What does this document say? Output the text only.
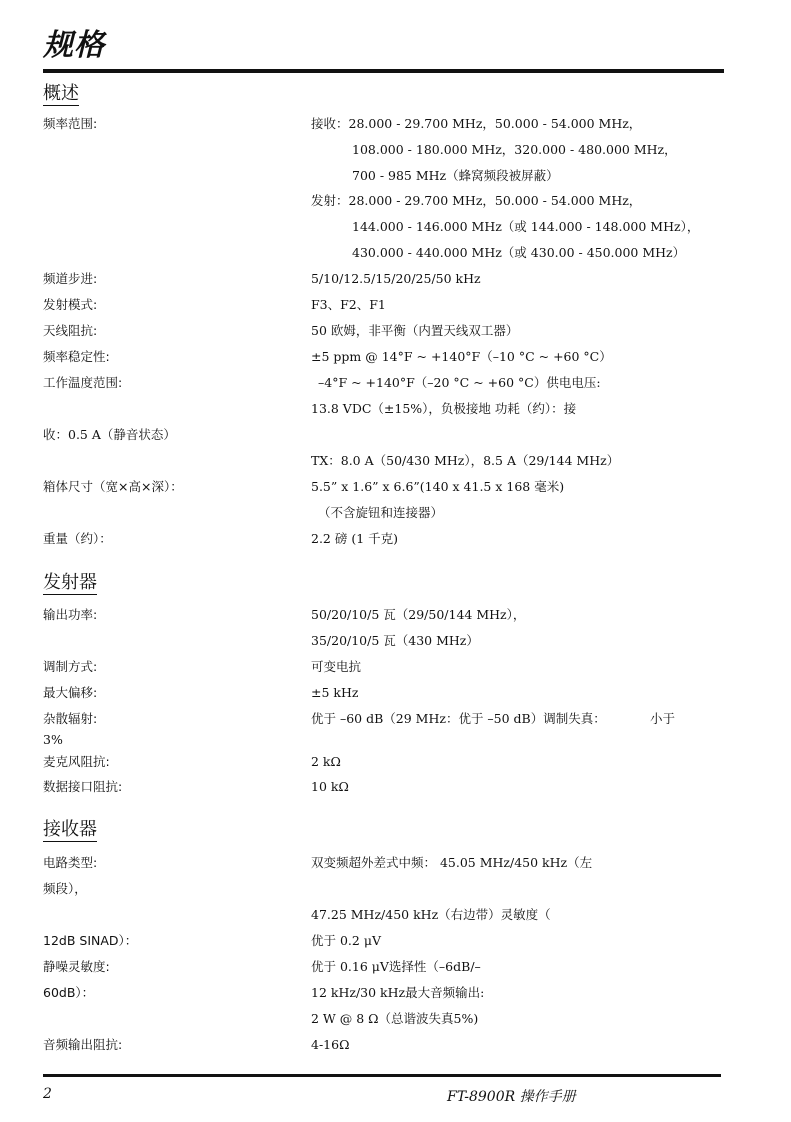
规格
概述
频率范围:	接收：28.000 - 29.700 MHz，50.000 - 54.000 MHz，
108.000 - 180.000 MHz，320.000 - 480.000 MHz，
700 - 985 MHz（蜂窝频段被屏蔽）
发射：28.000 - 29.700 MHz，50.000 - 54.000 MHz，
144.000 - 146.000 MHz（或 144.000 - 148.000 MHz），
430.000 - 440.000 MHz（或 430.00 - 450.000 MHz）
频道步进:	5/10/12.5/15/20/25/50 kHz
发射模式:	F3、F2、F1
天线阻抗:	50 欧姆，非平衡（内置天线双工器）
频率稳定性:	±5 ppm @ 14°F ~ +140°F（–10 °C ~ +60 °C）
工作温度范围:	–4°F ~ +140°F（–20 °C ~ +60 °C）供电电压:
13.8 VDC（±15%），负极接地 功耗（约）：接
收：0.5 A（静音状态）
TX：8.0 A（50/430 MHz），8.5 A（29/144 MHz）
箱体尺寸（宽×高×深）：	5.5” x 1.6” x 6.6”(140 x 41.5 x 168 毫米)
（不含旋钮和连接器）
重量（约）：	2.2 磅 (1 千克)
发射器
输出功率:	50/20/10/5 瓦（29/50/144 MHz），
35/20/10/5 瓦（430 MHz）
调制方式:	可变电抗
最大偏移:	±5 kHz
杂散辐射:	优于 –60 dB（29 MHz：优于 –50 dB）调制失真：	小于
3%
麦克风阻抗:	2 kΩ
数据接口阻抗:	10 kΩ
接收器
电路类型:	双变频超外差式中频： 45.05 MHz/450 kHz（左
频段），
47.25 MHz/450 kHz（右边带）灵敏度（
12dB SINAD）：	优于 0.2 μV
静噪灵敏度:	优于 0.16 μV选择性（–6dB/–
60dB）：	12 kHz/30 kHz最大音频输出:
2 W @ 8 Ω（总谐波失真5%)
音频输出阻抗:	4-16Ω
2	FT-8900R 操作手册
